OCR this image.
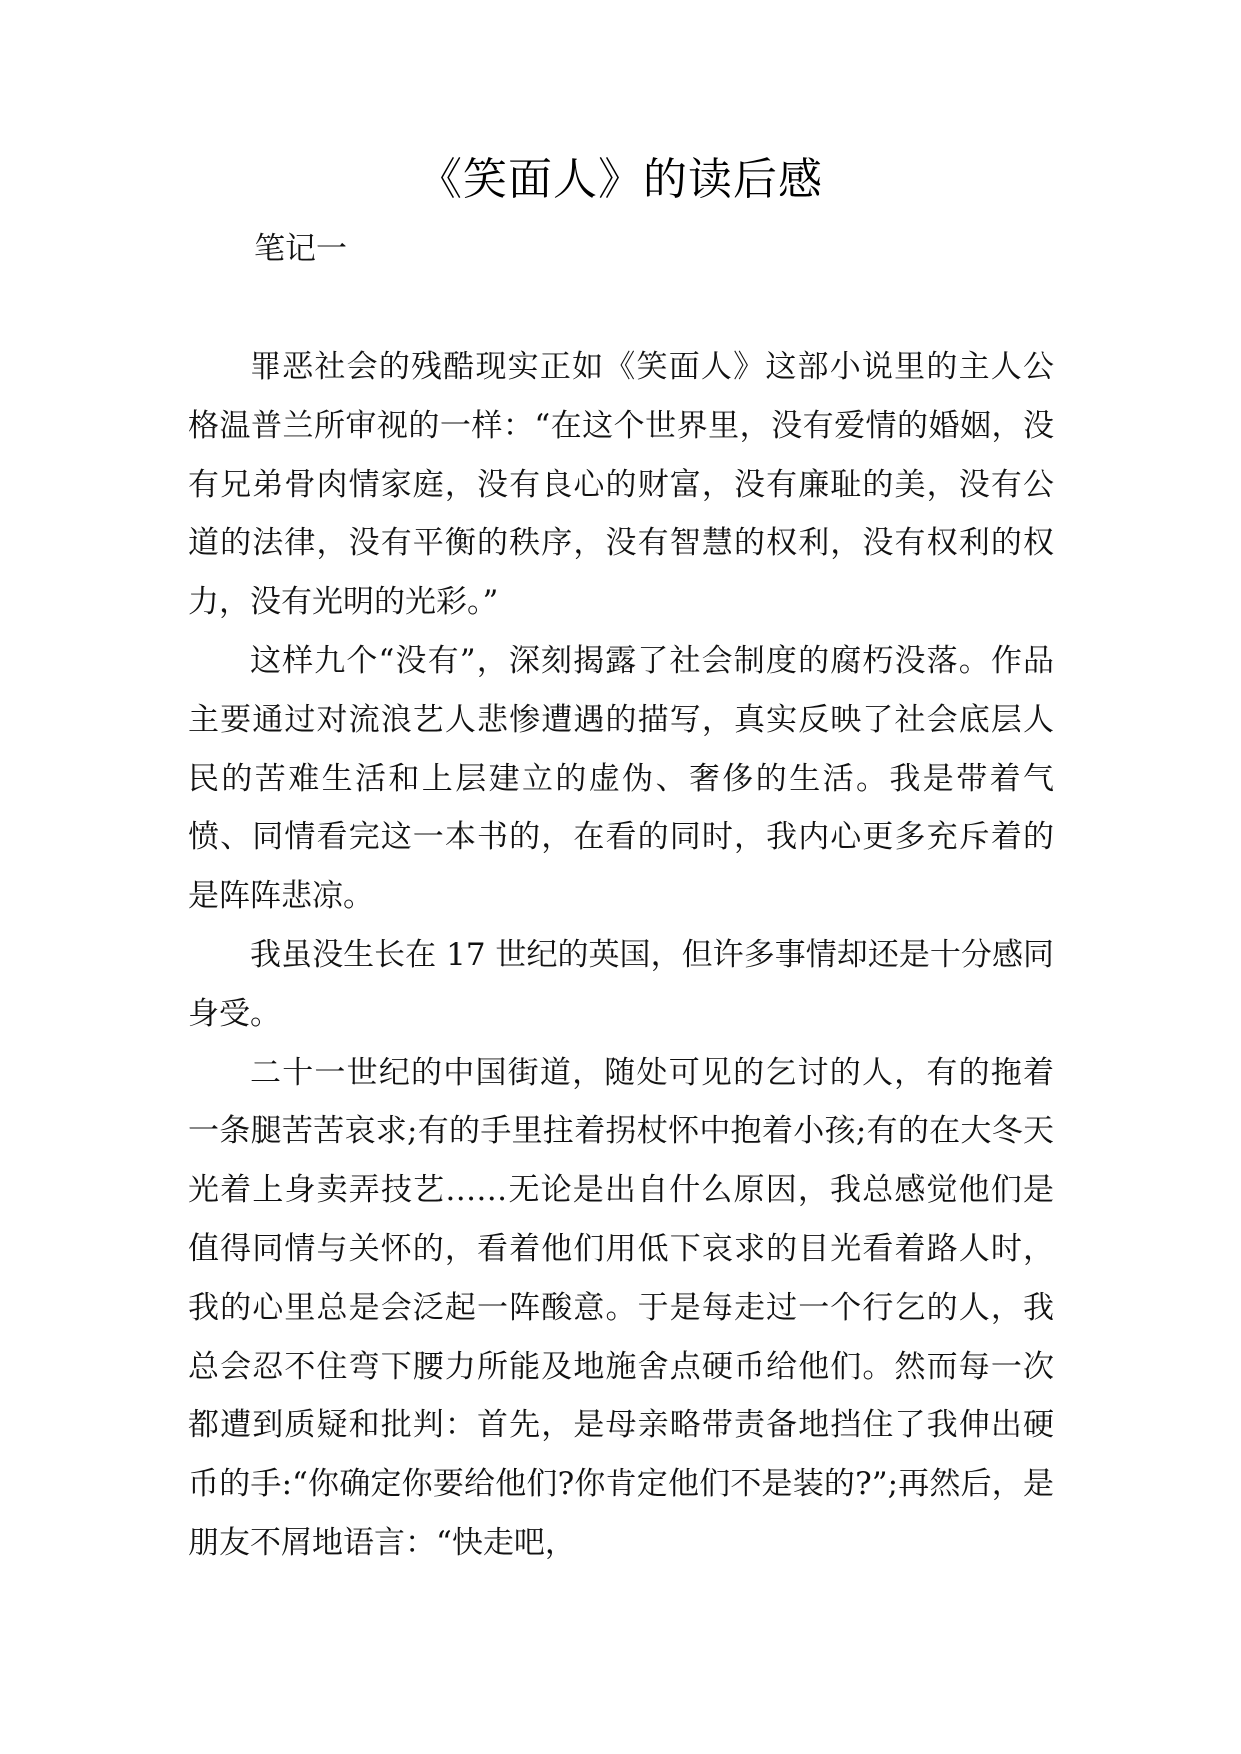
《笑面人》的读后感
笔记一

罪恶社会的残酷现实正如《笑面人》这部小说里的主人公格温普兰所审视的一样：“在这个世界里，没有爱情的婚姻，没有兄弟骨肉情家庭，没有良心的财富，没有廉耻的美，没有公道的法律，没有平衡的秩序，没有智慧的权利，没有权利的权力，没有光明的光彩。”

这样九个“没有”，深刻揭露了社会制度的腐朽没落。作品主要通过对流浪艺人悲惨遭遇的描写，真实反映了社会底层人民的苦难生活和上层建立的虚伪、奢侈的生活。我是带着气愤、同情看完这一本书的，在看的同时，我内心更多充斥着的是阵阵悲凉。

我虽没生长在 17 世纪的英国，但许多事情却还是十分感同身受。

二十一世纪的中国街道，随处可见的乞讨的人，有的拖着一条腿苦苦哀求;有的手里拄着拐杖怀中抱着小孩;有的在大冬天光着上身卖弄技艺……无论是出自什么原因，我总感觉他们是值得同情与关怀的，看着他们用低下哀求的目光看着路人时，我的心里总是会泛起一阵酸意。于是每走过一个行乞的人，我总会忍不住弯下腰力所能及地施舍点硬币给他们。然而每一次都遭到质疑和批判：首先，是母亲略带责备地挡住了我伸出硬币的手:“你确定你要给他们?你肯定他们不是装的?”;再然后，是朋友不屑地语言：“快走吧，
